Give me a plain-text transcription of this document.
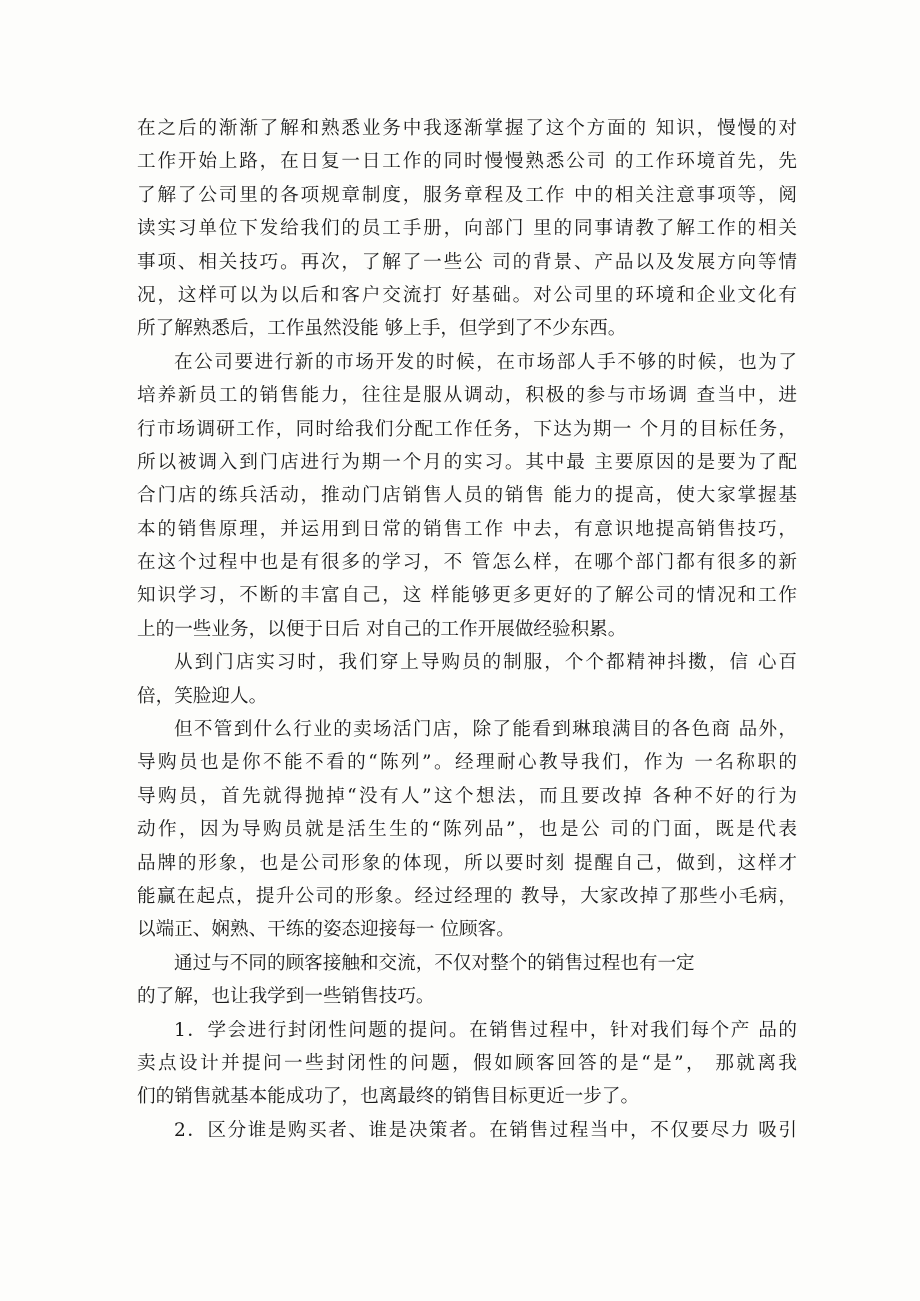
在之后的渐渐了解和熟悉业务中我逐渐掌握了这个方面的 知识，慢慢的对
工作开始上路，在日复一日工作的同时慢慢熟悉公司 的工作环境首先，先
了解了公司里的各项规章制度，服务章程及工作 中的相关注意事项等，阅
读实习单位下发给我们的员工手册，向部门 里的同事请教了解工作的相关
事项、相关技巧。再次，了解了一些公 司的背景、产品以及发展方向等情
况，这样可以为以后和客户交流打 好基础。对公司里的环境和企业文化有
所了解熟悉后，工作虽然没能 够上手，但学到了不少东西。
在公司要进行新的市场开发的时候，在市场部人手不够的时候，也为了
培养新员工的销售能力，往往是服从调动，积极的参与市场调 查当中，进
行市场调研工作，同时给我们分配工作任务，下达为期一 个月的目标任务，
所以被调入到门店进行为期一个月的实习。其中最 主要原因的是要为了配
合门店的练兵活动，推动门店销售人员的销售 能力的提高，使大家掌握基
本的销售原理，并运用到日常的销售工作 中去，有意识地提高销售技巧，
在这个过程中也是有很多的学习，不 管怎么样，在哪个部门都有很多的新
知识学习，不断的丰富自己，这 样能够更多更好的了解公司的情况和工作
上的一些业务，以便于日后 对自己的工作开展做经验积累。
从到门店实习时，我们穿上导购员的制服，个个都精神抖擞，信 心百
倍，笑脸迎人。
但不管到什么行业的卖场活门店，除了能看到琳琅满目的各色商 品外，
导购员也是你不能不看的“陈列”。经理耐心教导我们，作为 一名称职的
导购员，首先就得抛掉“没有人”这个想法，而且要改掉 各种不好的行为
动作，因为导购员就是活生生的“陈列品”，也是公 司的门面，既是代表
品牌的形象，也是公司形象的体现，所以要时刻 提醒自己，做到，这样才
能赢在起点，提升公司的形象。经过经理的 教导，大家改掉了那些小毛病，
以端正、娴熟、干练的姿态迎接每一 位顾客。
通过与不同的顾客接触和交流，不仅对整个的销售过程也有一定
的了解，也让我学到一些销售技巧。
1．学会进行封闭性问题的提问。在销售过程中，针对我们每个产 品的
卖点设计并提问一些封闭性的问题，假如顾客回答的是“是”， 那就离我
们的销售就基本能成功了，也离最终的销售目标更近一步了。
2．区分谁是购买者、谁是决策者。在销售过程当中，不仅要尽力 吸引
